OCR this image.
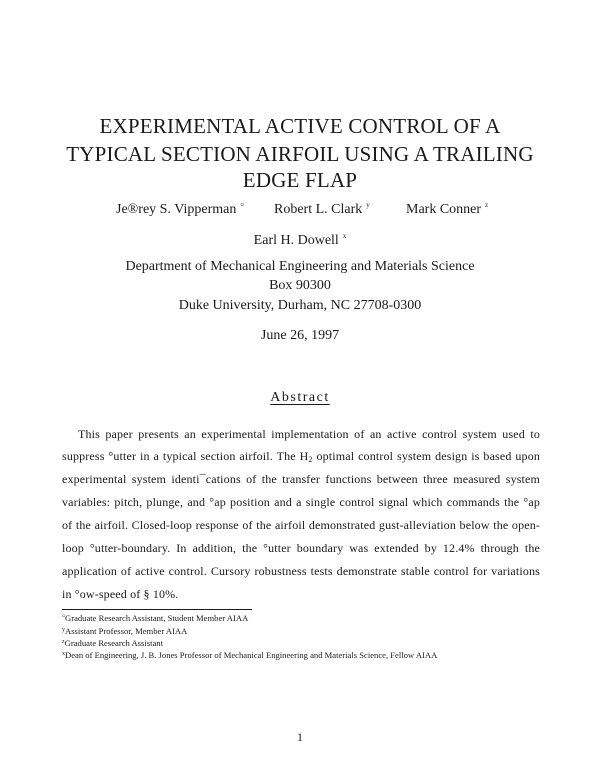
EXPERIMENTAL ACTIVE CONTROL OF A
TYPICAL SECTION AIRFOIL USING A TRAILING
EDGE FLAP
Je®rey S. Vipperman ¤ Robert L. Clark $^y$	Mark Conner $^z$
Earl H. Dowell $^x$
Department of Mechanical Engineering and Materials Science
Box 90300
Duke University, Durham, NC 27708-0300
June 26, 1997
Abstract
This paper presents an experimental implementation of an active control system used to
suppress °utter in a typical section airfoil. The $H_2$ optimal control system design is based upon
experimental system identi¯cations of the transfer functions between three measured system
variables: pitch, plunge, and °ap position and a single control signal which commands the °ap
of the airfoil. Closed-loop response of the airfoil demonstrated gust-alleviation below the open-
loop °utter-boundary. In addition, the °utter boundary was extended by 12.4% through the
application of active control. Cursory robustness tests demonstrate stable control for variations
in °ow-speed of § 10%.
¤Graduate Research Assistant, Student Member AIAA
$^y$Assistant Professor, Member AIAA
$^z$Graduate Research Assistant
$^x$Dean of Engineering, J. B. Jones Professor of Mechanical Engineering and Materials Science, Fellow AIAA
1
